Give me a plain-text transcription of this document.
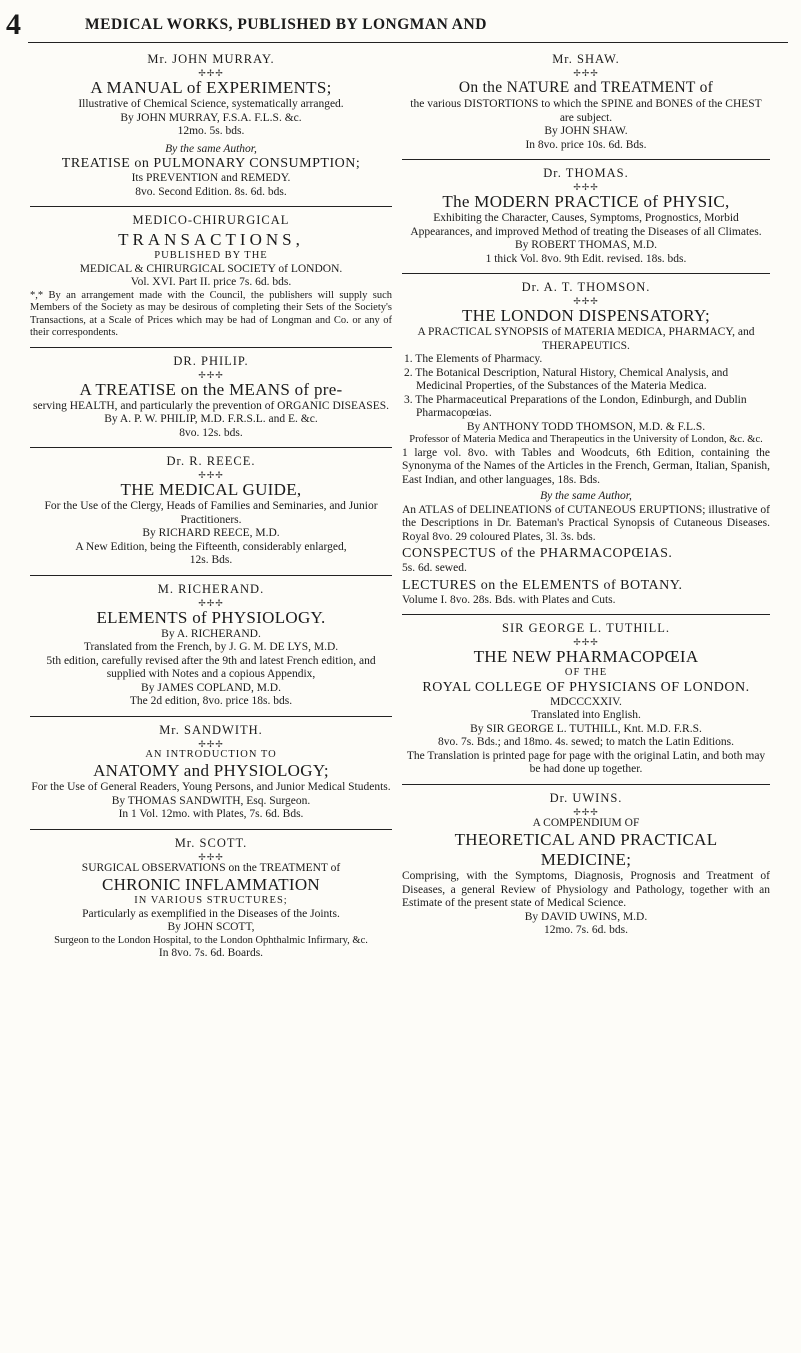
4	MEDICAL WORKS, PUBLISHED BY LONGMAN AND
Mr. JOHN MURRAY.
✢✢✢
A MANUAL of EXPERIMENTS;
Illustrative of Chemical Science, systematically arranged.
By JOHN MURRAY, F.S.A. F.L.S. &c.
12mo. 5s. bds.
By the same Author,
TREATISE on PULMONARY CONSUMPTION;
Its PREVENTION and REMEDY.
8vo. Second Edition. 8s. 6d. bds.
MEDICO-CHIRURGICAL
TRANSACTIONS,
PUBLISHED BY THE
MEDICAL & CHIRURGICAL SOCIETY of LONDON.
Vol. XVI. Part II. price 7s. 6d. bds.
*,* By an arrangement made with the Council, the publishers will supply such Members of the Society as may be desirous of completing their Sets of the Society's Transactions, at a Scale of Prices which may be had of Longman and Co. or any of their correspondents.
DR. PHILIP.
✢✢✢
A TREATISE on the MEANS of pre-
serving HEALTH, and particularly the prevention of ORGANIC DISEASES.
By A. P. W. PHILIP, M.D. F.R.S.L. and E. &c.
8vo. 12s. bds.
Dr. R. REECE.
✢✢✢
THE MEDICAL GUIDE,
For the Use of the Clergy, Heads of Families and Seminaries, and Junior Practitioners.
By RICHARD REECE, M.D.
A New Edition, being the Fifteenth, considerably enlarged,
12s. Bds.
M. RICHERAND.
✢✢✢
ELEMENTS of PHYSIOLOGY.
By A. RICHERAND.
Translated from the French, by J. G. M. DE LYS, M.D.
5th edition, carefully revised after the 9th and latest French edition, and supplied with Notes and a copious Appendix,
By JAMES COPLAND, M.D.
The 2d edition, 8vo. price 18s. bds.
Mr. SANDWITH.
✢✢✢
AN INTRODUCTION TO
ANATOMY and PHYSIOLOGY;
For the Use of General Readers, Young Persons, and Junior Medical Students.
By THOMAS SANDWITH, Esq. Surgeon.
In 1 Vol. 12mo. with Plates, 7s. 6d. Bds.
Mr. SCOTT.
✢✢✢
SURGICAL OBSERVATIONS on the TREATMENT of
CHRONIC INFLAMMATION
IN VARIOUS STRUCTURES;
Particularly as exemplified in the Diseases of the Joints.
By JOHN SCOTT,
Surgeon to the London Hospital, to the London Ophthalmic Infirmary, &c.
In 8vo. 7s. 6d. Boards.
Mr. SHAW.
✢✢✢
On the NATURE and TREATMENT of
the various DISTORTIONS to which the SPINE and BONES of the CHEST are subject.
By JOHN SHAW.
In 8vo. price 10s. 6d. Bds.
Dr. THOMAS.
✢✢✢
The MODERN PRACTICE of PHYSIC,
Exhibiting the Character, Causes, Symptoms, Prognostics, Morbid Appearances, and improved Method of treating the Diseases of all Climates.
By ROBERT THOMAS, M.D.
1 thick Vol. 8vo. 9th Edit. revised. 18s. bds.
Dr. A. T. THOMSON.
✢✢✢
THE LONDON DISPENSATORY;
A PRACTICAL SYNOPSIS of MATERIA MEDICA, PHARMACY, and THERAPEUTICS.
1. The Elements of Pharmacy.
2. The Botanical Description, Natural History, Chemical Analysis, and Medicinal Properties, of the Substances of the Materia Medica.
3. The Pharmaceutical Preparations of the London, Edinburgh, and Dublin Pharmacopœias.
By ANTHONY TODD THOMSON, M.D. & F.L.S.
Professor of Materia Medica and Therapeutics in the University of London, &c. &c.
1 large vol. 8vo. with Tables and Woodcuts, 6th Edition, containing the Synonyma of the Names of the Articles in the French, German, Italian, Spanish, East Indian, and other languages, 18s. Bds.
By the same Author,
An ATLAS of DELINEATIONS of CUTANEOUS ERUPTIONS; illustrative of the Descriptions in Dr. Bateman's Practical Synopsis of Cutaneous Diseases. Royal 8vo. 29 coloured Plates, 3l. 3s. bds.
CONSPECTUS of the PHARMACOPŒIAS.
5s. 6d. sewed.
LECTURES on the ELEMENTS of BOTANY.
Volume I. 8vo. 28s. Bds. with Plates and Cuts.
SIR GEORGE L. TUTHILL.
✢✢✢
THE NEW PHARMACOPŒIA
OF THE
ROYAL COLLEGE OF PHYSICIANS OF LONDON.
MDCCCXXIV.
Translated into English.
By SIR GEORGE L. TUTHILL, Knt. M.D. F.R.S.
8vo. 7s. Bds.; and 18mo. 4s. sewed; to match the Latin Editions.
The Translation is printed page for page with the original Latin, and both may be had done up together.
Dr. UWINS.
✢✢✢
A COMPENDIUM OF
THEORETICAL AND PRACTICAL
MEDICINE;
Comprising, with the Symptoms, Diagnosis, Prognosis and Treatment of Diseases, a general Review of Physiology and Pathology, together with an Estimate of the present state of Medical Science.
By DAVID UWINS, M.D.
12mo. 7s. 6d. bds.
